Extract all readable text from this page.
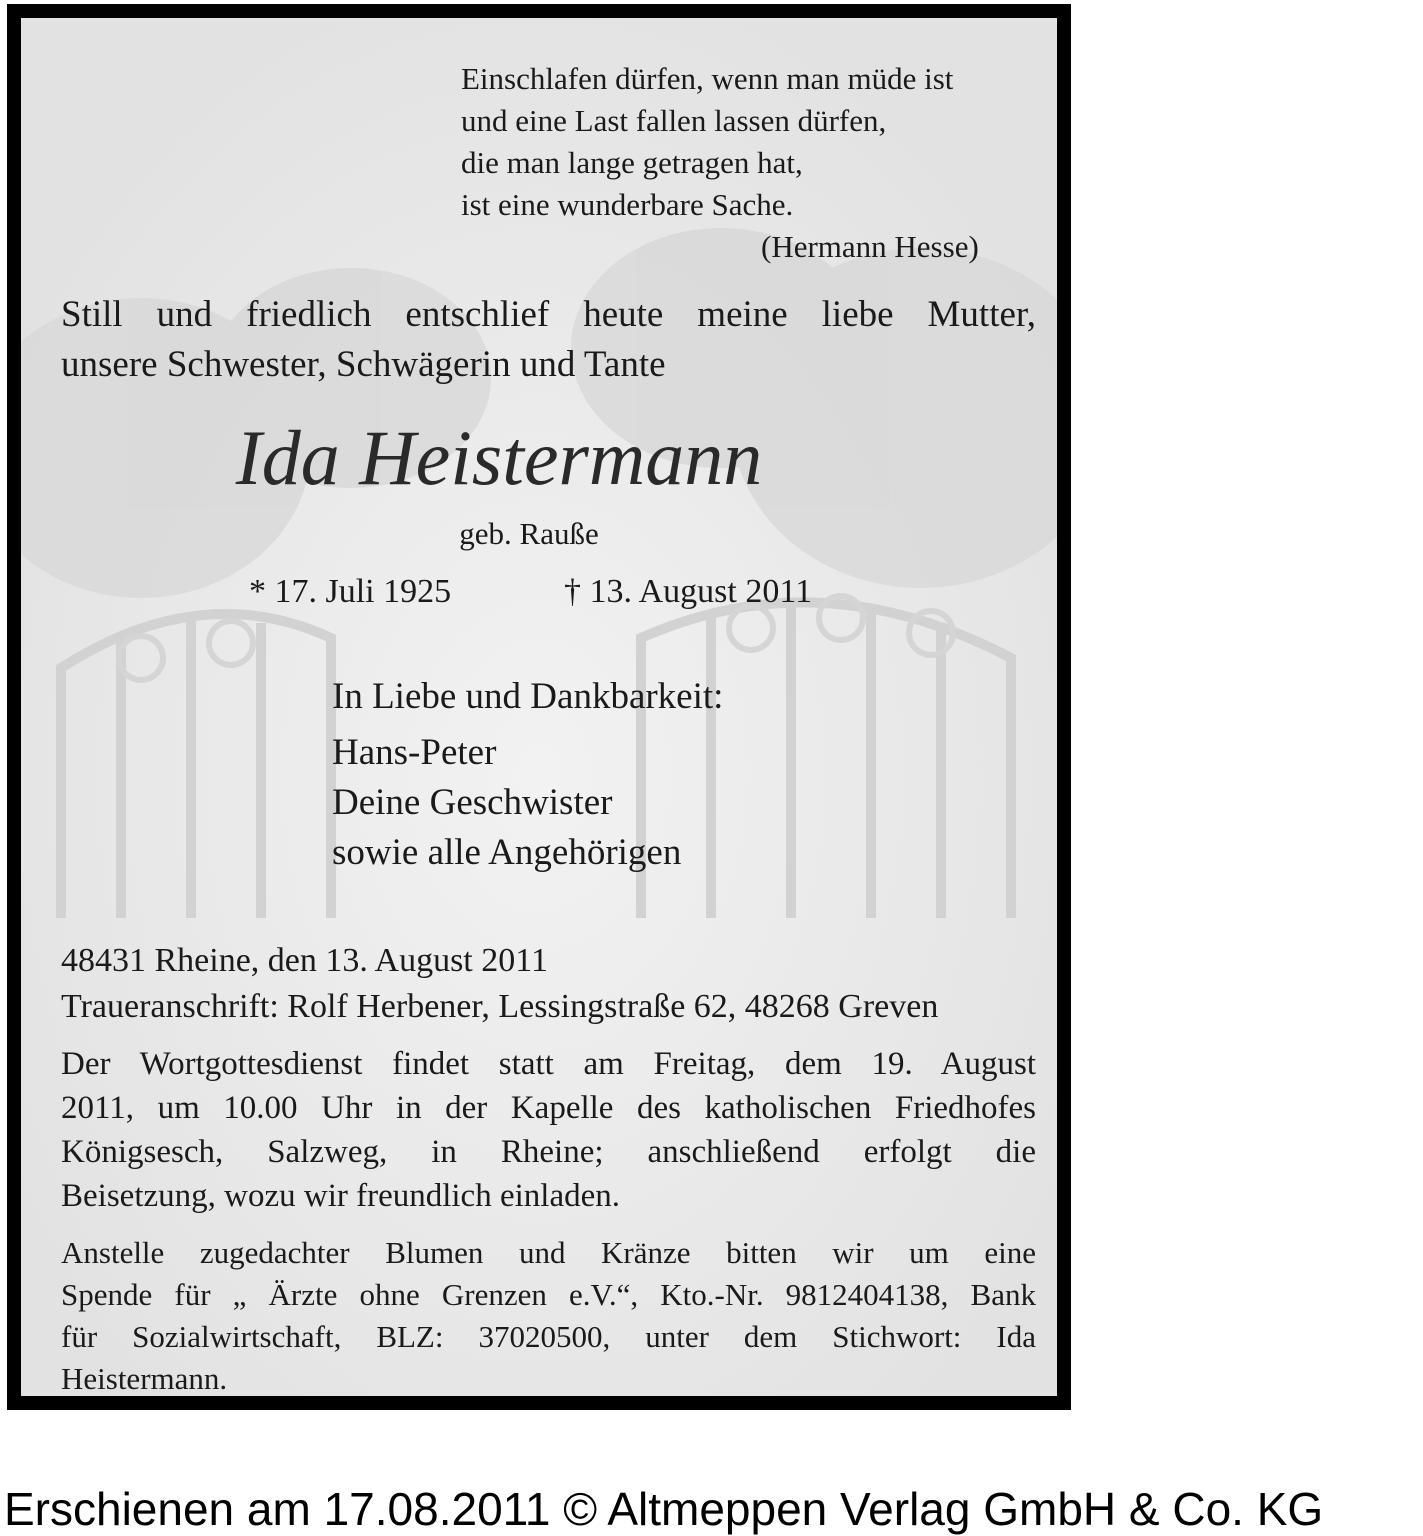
Einschlafen dürfen, wenn man müde ist
und eine Last fallen lassen dürfen,
die man lange getragen hat,
ist eine wunderbare Sache.
(Hermann Hesse)
Still und friedlich entschlief heute meine liebe Mutter,
unsere Schwester, Schwägerin und Tante
Ida Heistermann
geb. Rauße
* 17. Juli 1925	† 13. August 2011
In Liebe und Dankbarkeit:
Hans-Peter
Deine Geschwister
sowie alle Angehörigen
48431 Rheine, den 13. August 2011
Traueranschrift: Rolf Herbener, Lessingstraße 62, 48268 Greven
Der Wortgottesdienst findet statt am Freitag, dem 19. August
2011, um 10.00 Uhr in der Kapelle des katholischen Friedhofes
Königsesch, Salzweg, in Rheine; anschließend erfolgt die
Beisetzung, wozu wir freundlich einladen.
Anstelle zugedachter Blumen und Kränze bitten wir um eine
Spende für „ Ärzte ohne Grenzen e.V.“, Kto.-Nr. 9812404138, Bank
für Sozialwirtschaft, BLZ: 37020500, unter dem Stichwort: Ida
Heistermann.
Erschienen am 17.08.2011 © Altmeppen Verlag GmbH & Co. KG
